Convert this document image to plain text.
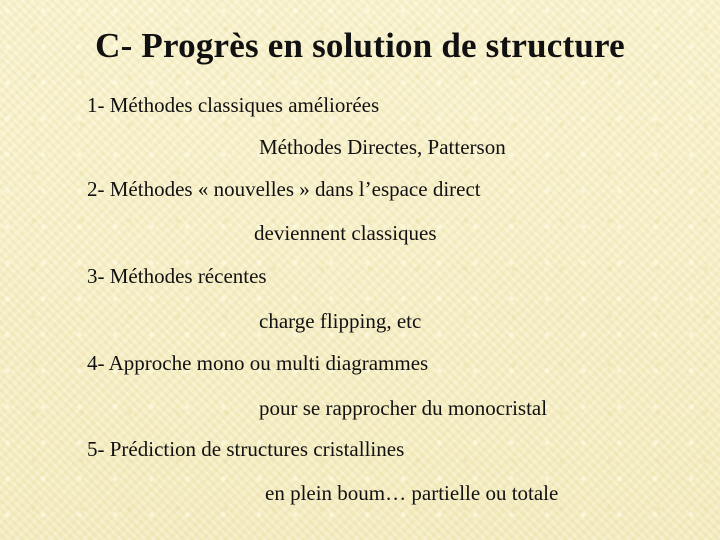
C- Progrès en solution de structure
1- Méthodes classiques améliorées
Méthodes Directes, Patterson
2- Méthodes « nouvelles » dans l’espace direct
deviennent classiques
3- Méthodes récentes
charge flipping, etc
4- Approche mono ou multi diagrammes
pour se rapprocher du monocristal
5- Prédiction de structures cristallines
en plein boum… partielle ou totale
